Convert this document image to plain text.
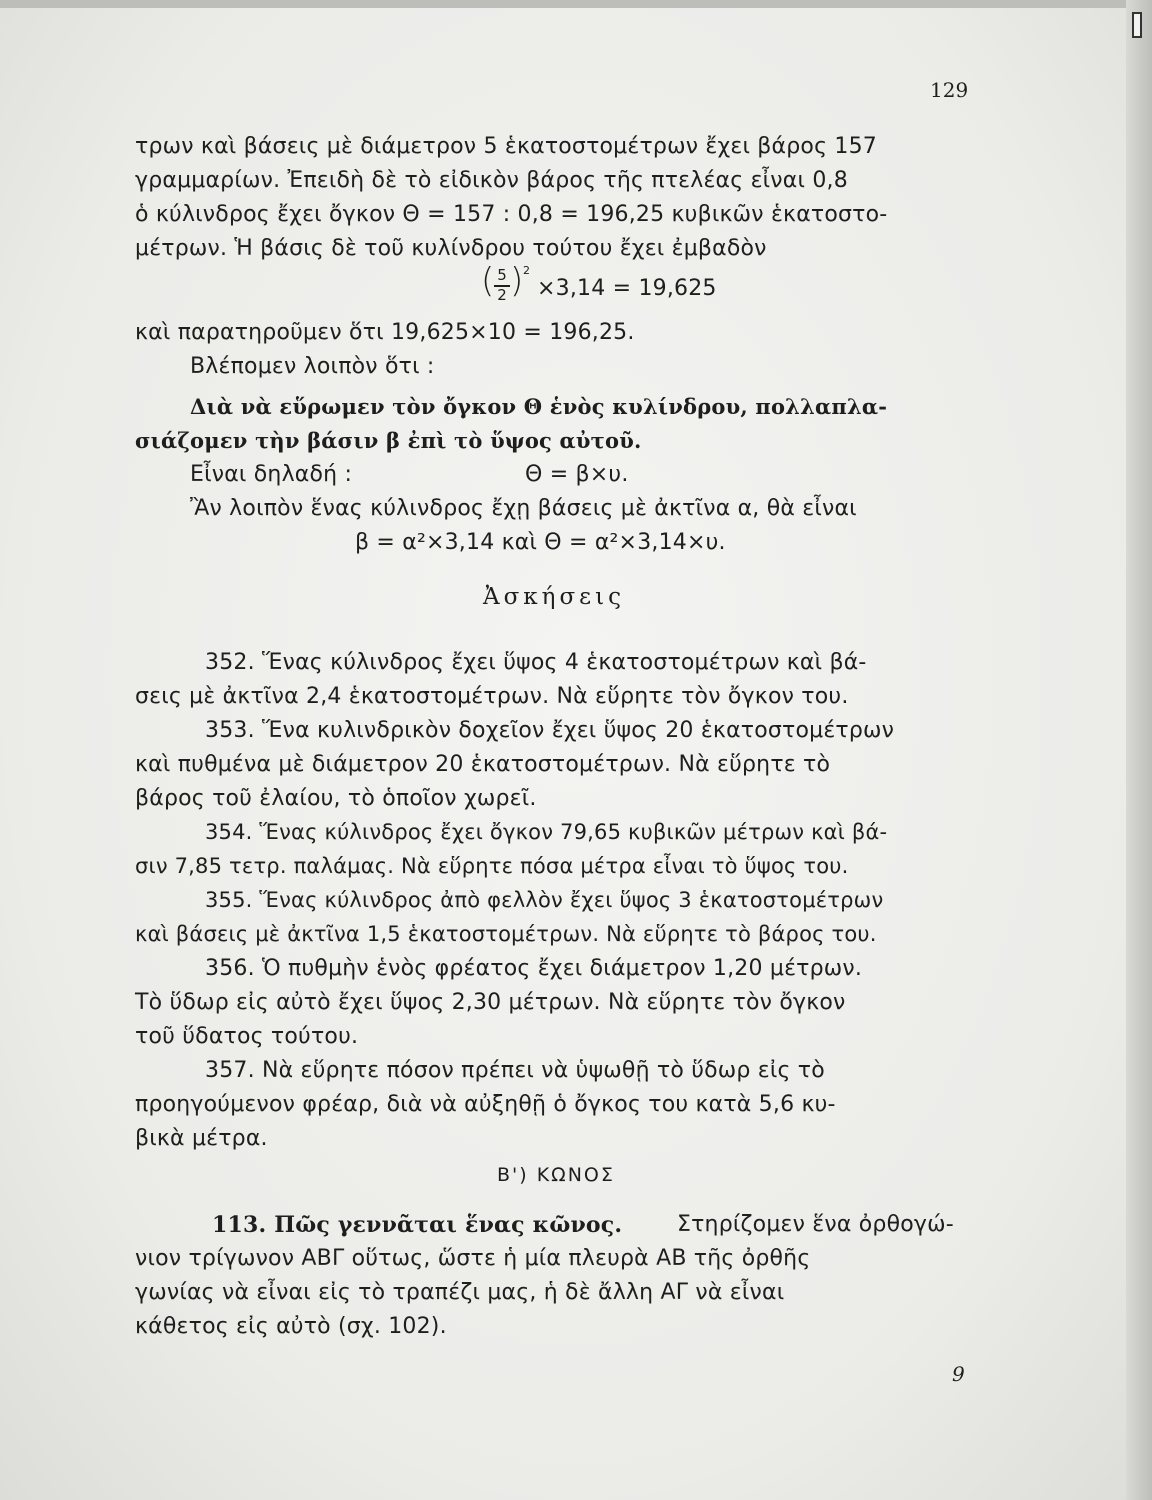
129
τρων καὶ βάσεις μὲ διάμετρον 5 ἑκατοστομέτρων ἔχει βάρος 157
γραμμαρίων. Ἐπειδὴ δὲ τὸ εἰδικὸν βάρος τῆς πτελέας εἶναι 0,8
ὁ κύλινδρος ἔχει ὄγκον Θ = 157 : 0,8 = 196,25 κυβικῶν ἑκατοστο-
μέτρων. Ἡ βάσις δὲ τοῦ κυλίνδρου τούτου ἔχει ἐμβαδὸν
( 5
2 ) 2
×3,14 = 19,625
καὶ παρατηροῦμεν ὅτι 19,625×10 = 196,25.
Βλέπομεν λοιπὸν ὅτι :
Διὰ νὰ εὕρωμεν τὸν ὄγκον Θ ἑνὸς κυλίνδρου, πολλαπλα-
σιάζομεν τὴν βάσιν β ἐπὶ τὸ ὕψος αὐτοῦ.
Εἶναι δηλαδή :	Θ = β×υ.
Ἂν λοιπὸν ἕνας κύλινδρος ἔχῃ βάσεις μὲ ἀκτῖνα α, θὰ εἶναι
β = α²×3,14 καὶ Θ = α²×3,14×υ.
Ἀσκήσεις
352. Ἕνας κύλινδρος ἔχει ὕψος 4 ἑκατοστομέτρων καὶ βά-
σεις μὲ ἀκτῖνα 2,4 ἑκατοστομέτρων. Νὰ εὕρητε τὸν ὄγκον του.
353. Ἕνα κυλινδρικὸν δοχεῖον ἔχει ὕψος 20 ἑκατοστομέτρων
καὶ πυθμένα μὲ διάμετρον 20 ἑκατοστομέτρων. Νὰ εὕρητε τὸ
βάρος τοῦ ἐλαίου, τὸ ὁποῖον χωρεῖ.
354. Ἕνας κύλινδρος ἔχει ὄγκον 79,65 κυβικῶν μέτρων καὶ βά-
σιν 7,85 τετρ. παλάμας. Νὰ εὕρητε πόσα μέτρα εἶναι τὸ ὕψος του.
355. Ἕνας κύλινδρος ἀπὸ φελλὸν ἔχει ὕψος 3 ἑκατοστομέτρων
καὶ βάσεις μὲ ἀκτῖνα 1,5 ἑκατοστομέτρων. Νὰ εὕρητε τὸ βάρος του.
356. Ὁ πυθμὴν ἑνὸς φρέατος ἔχει διάμετρον 1,20 μέτρων.
Τὸ ὕδωρ εἰς αὐτὸ ἔχει ὕψος 2,30 μέτρων. Νὰ εὕρητε τὸν ὄγκον
τοῦ ὕδατος τούτου.
357. Νὰ εὕρητε πόσον πρέπει νὰ ὑψωθῇ τὸ ὕδωρ εἰς τὸ
προηγούμενον φρέαρ, διὰ νὰ αὐξηθῇ ὁ ὄγκος του κατὰ 5,6 κυ-
βικὰ μέτρα.
Β') ΚΩΝΟΣ
113. Πῶς γεννᾶται ἕνας κῶνος. Στηρίζομεν ἕνα ὀρθογώ-
νιον τρίγωνον ΑΒΓ οὕτως, ὥστε ἡ μία πλευρὰ ΑΒ τῆς ὀρθῆς
γωνίας νὰ εἶναι εἰς τὸ τραπέζι μας, ἡ δὲ ἄλλη ΑΓ νὰ εἶναι
κάθετος εἰς αὐτὸ (σχ. 102).
9
